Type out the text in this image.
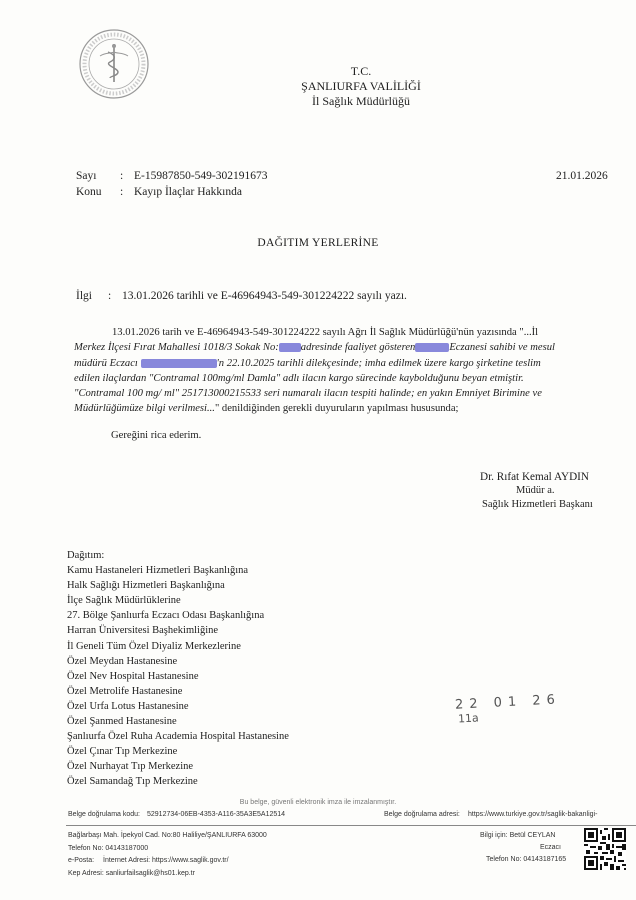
T.C.
ŞANLIURFA VALİLİĞİ
İl Sağlık Müdürlüğü
Sayı : E-15987850-549-302191673	21.01.2026
Konu : Kayıp İlaçlar Hakkında
DAĞITIM YERLERİNE
İlgi : 13.01.2026 tarihli ve E-46964943-549-301224222 sayılı yazı.
13.01.2026 tarih ve E-46964943-549-301224222 sayılı Ağrı İl Sağlık Müdürlüğü'nün yazısında "...İl
Merkez İlçesi Fırat Mahallesi 1018/3 Sokak No: adresinde faaliyet gösteren	Eczanesi sahibi ve mesul
müdürü Eczacı	'n 22.10.2025 tarihli dilekçesinde; imha edilmek üzere kargo şirketine teslim
edilen ilaçlardan "Contramal 100mg/ml Damla" adlı ilacın kargo sürecinde kaybolduğunu beyan etmiştir.
"Contramal 100 mg/ ml" 251713000215533 seri numaralı ilacın tespiti halinde; en yakın Emniyet Birimine ve
Müdürlüğümüze bilgi verilmesi..." denildiğinden gerekli duyuruların yapılması hususunda;
Gereğini rica ederim.
Dr. Rıfat Kemal AYDIN
Müdür a.
Sağlık Hizmetleri Başkanı
Dağıtım:
Kamu Hastaneleri Hizmetleri Başkanlığına
Halk Sağlığı Hizmetleri Başkanlığına
İlçe Sağlık Müdürlüklerine
27. Bölge Şanlıurfa Eczacı Odası Başkanlığına
Harran Üniversitesi Başhekimliğine
İl Geneli Tüm Özel Diyaliz Merkezlerine
Özel Meydan Hastanesine
Özel Nev Hospital Hastanesine
Özel Metrolife Hastanesine
Özel Urfa Lotus Hastanesine
Özel Şanmed Hastanesine
Şanlıurfa Özel Ruha Academia Hospital Hastanesine
Özel Çınar Tıp Merkezine
Özel Nurhayat Tıp Merkezine
Özel Samandağ Tıp Merkezine
22 01 26
11a
Bu belge, güvenli elektronik imza ile imzalanmıştır.
Belge doğrulama kodu: 52912734-06EB-4353-A116-35A3E5A12514	Belge doğrulama adresi: https://www.turkiye.gov.tr/saglik-bakanligi-
Bağlarbaşı Mah. İpekyol Cad. No:80 Haliliye/ŞANLIURFA 63000
Telefon No: 04143187000
e-Posta: İnternet Adresi: https://www.saglik.gov.tr/
Kep Adresi: sanliurfailsaglik@hs01.kep.tr
Bilgi için: Betül CEYLAN
Eczacı
Telefon No: 04143187165
